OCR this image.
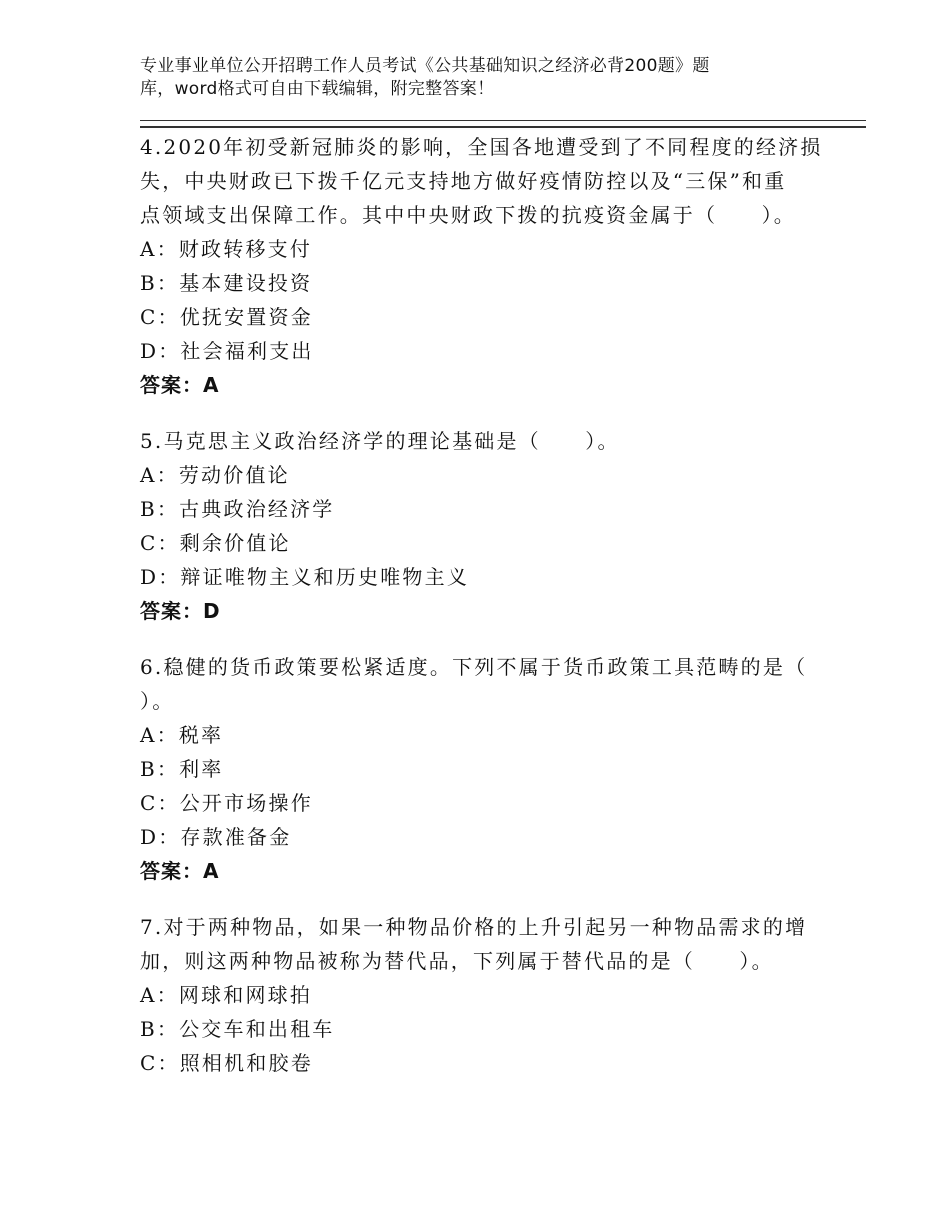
专业事业单位公开招聘工作人员考试《公共基础知识之经济必背200题》题
库，word格式可自由下载编辑，附完整答案！
4.2020年初受新冠肺炎的影响，全国各地遭受到了不同程度的经济损
失，中央财政已下拨千亿元支持地方做好疫情防控以及“三保”和重
点领域支出保障工作。其中中央财政下拨的抗疫资金属于（　　）。
A：财政转移支付
B：基本建设投资
C：优抚安置资金
D：社会福利支出
答案：A
5.马克思主义政治经济学的理论基础是（　　）。
A：劳动价值论
B：古典政治经济学
C：剩余价值论
D：辩证唯物主义和历史唯物主义
答案：D
6.稳健的货币政策要松紧适度。下列不属于货币政策工具范畴的是（
）。
A：税率
B：利率
C：公开市场操作
D：存款准备金
答案：A
7.对于两种物品，如果一种物品价格的上升引起另一种物品需求的增
加，则这两种物品被称为替代品，下列属于替代品的是（　　）。
A：网球和网球拍
B：公交车和出租车
C：照相机和胶卷
